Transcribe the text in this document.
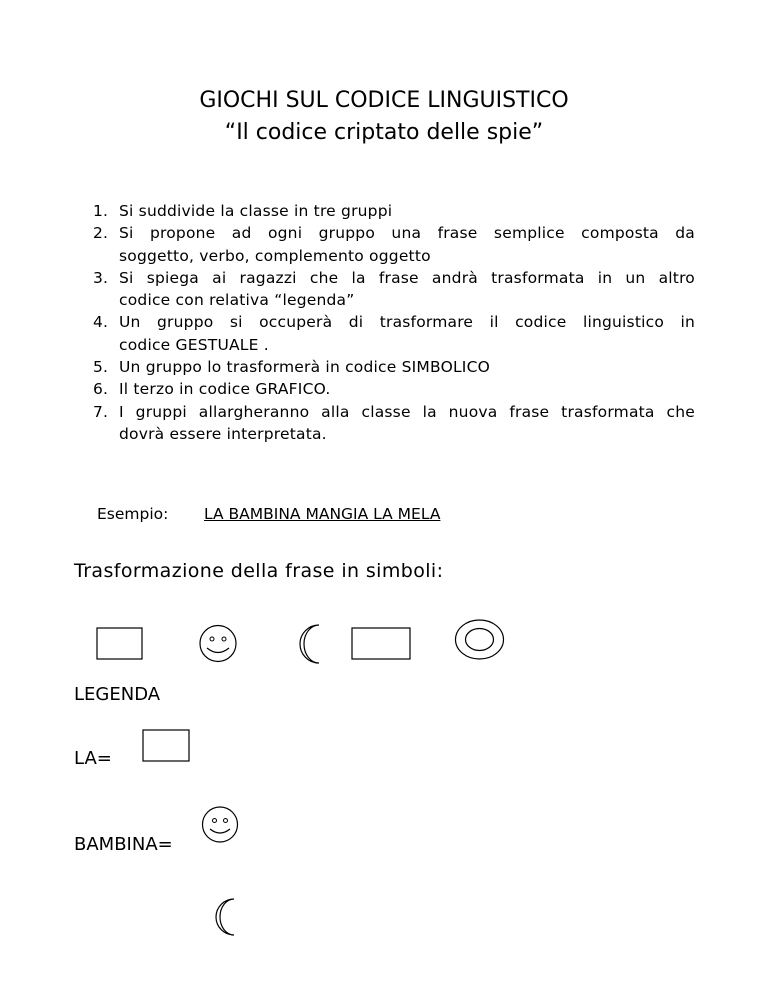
GIOCHI SUL CODICE LINGUISTICO
“Il codice criptato delle spie”
1. Si suddivide la classe in tre gruppi
2. Si propone ad ogni gruppo una frase semplice composta da
soggetto, verbo, complemento oggetto
3. Si spiega ai ragazzi che la frase andrà trasformata in un altro
codice con relativa “legenda”
4. Un gruppo si occuperà di trasformare il codice linguistico in
codice GESTUALE .
5. Un gruppo lo trasformerà in codice SIMBOLICO
6. Il terzo in codice GRAFICO.
7. I gruppi allargheranno alla classe la nuova frase trasformata che
dovrà essere interpretata.
Esempio: LA BAMBINA MANGIA LA MELA
Trasformazione della frase in simboli:
LEGENDA
LA=
BAMBINA=
